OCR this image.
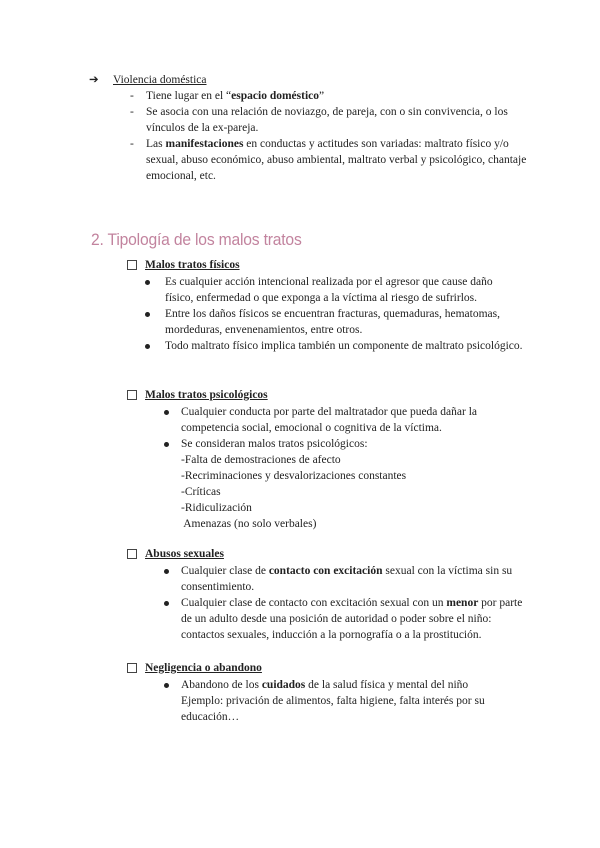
➔	Violencia doméstica
- Tiene lugar en el “espacio doméstico”
- Se asocia con una relación de noviazgo, de pareja, con o sin convivencia, o los vínculos de la ex-pareja.
- Las manifestaciones en conductas y actitudes son variadas: maltrato físico y/o sexual, abuso económico, abuso ambiental, maltrato verbal y psicológico, chantaje emocional, etc.
2. Tipología de los malos tratos
Malos tratos físicos
Es cualquier acción intencional realizada por el agresor que cause daño físico, enfermedad o que exponga a la víctima al riesgo de sufrirlos.
Entre los daños físicos se encuentran fracturas, quemaduras, hematomas, mordeduras, envenenamientos, entre otros.
Todo maltrato físico implica también un componente de maltrato psicológico.
Malos tratos psicológicos
Cualquier conducta por parte del maltratador que pueda dañar la competencia social, emocional o cognitiva de la víctima.
Se consideran malos tratos psicológicos:
-Falta de demostraciones de afecto
-Recriminaciones y desvalorizaciones constantes
-Críticas
-Ridiculización
Amenazas (no solo verbales)
Abusos sexuales
Cualquier clase de contacto con excitación sexual con la víctima sin su consentimiento.
Cualquier clase de contacto con excitación sexual con un menor por parte de un adulto desde una posición de autoridad o poder sobre el niño: contactos sexuales, inducción a la pornografía o a la prostitución.
Negligencia o abandono
Abandono de los cuidados de la salud física y mental del niño
Ejemplo: privación de alimentos, falta higiene, falta interés por su educación…
